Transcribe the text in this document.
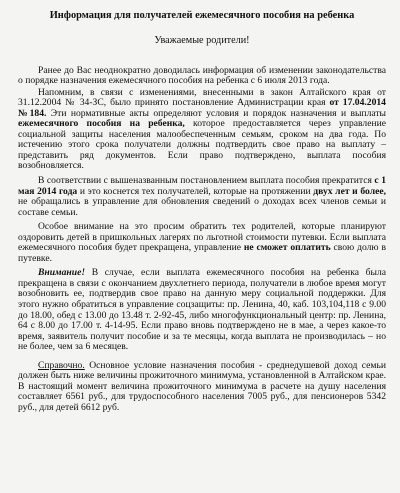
Информация для получателей ежемесячного пособия на ребенка
Уважаемые родители!

Ранее до Вас неоднократно доводилась информация об изменении законодательства о порядке назначения ежемесячного пособия на ребенка с 6 июля 2013 года.

Напомним, в связи с изменениями, внесенными в закон Алтайского края от 31.12.2004 № 34-ЗС, было принято постановление Администрации края от 17.04.2014 №184. Эти нормативные акты определяют условия и порядок назначения и выплаты ежемесячного пособия на ребенка, которое предоставляется через управление социальной защиты населения малообеспеченным семьям, сроком на два года. По истечению этого срока получатели должны подтвердить свое право на выплату – представить ряд документов. Если право подтверждено, выплата пособия возобновляется.

В соответствии с вышеназванным постановлением выплата пособия прекратится с 1 мая 2014 года и это коснется тех получателей, которые на протяжении двух лет и более, не обращались в управление для обновления сведений о доходах всех членов семьи и составе семьи.

Особое внимание на это просим обратить тех родителей, которые планируют оздоровить детей в пришкольных лагерях по льготной стоимости путевки. Если выплата ежемесячного пособия будет прекращена, управление не сможет оплатить свою долю в путевке.

Внимание! В случае, если выплата ежемесячного пособия на ребенка была прекращена в связи с окончанием двухлетнего периода, получатели в любое время могут возобновить ее, подтвердив свое право на данную меру социальной поддержки. Для этого нужно обратиться в управление соцзащиты: пр. Ленина, 40, каб. 103,104,118 с 9.00 до 18.00, обед с 13.00 до 13.48 т. 2-92-45, либо многофункциональный центр: пр. Ленина, 64 с 8.00 до 17.00 т. 4-14-95. Если право вновь подтверждено не в мае, а через какое-то время, заявитель получит пособие и за те месяцы, когда выплата не производилась – но не более, чем за 6 месяцев.

Справочно. Основное условие назначения пособия - среднедушевой доход семьи должен быть ниже величины прожиточного минимума, установленной в Алтайском крае. В настоящий момент величина прожиточного минимума в расчете на душу населения составляет 6561 руб., для трудоспособного населения 7005 руб., для пенсионеров 5342 руб., для детей 6612 руб.
